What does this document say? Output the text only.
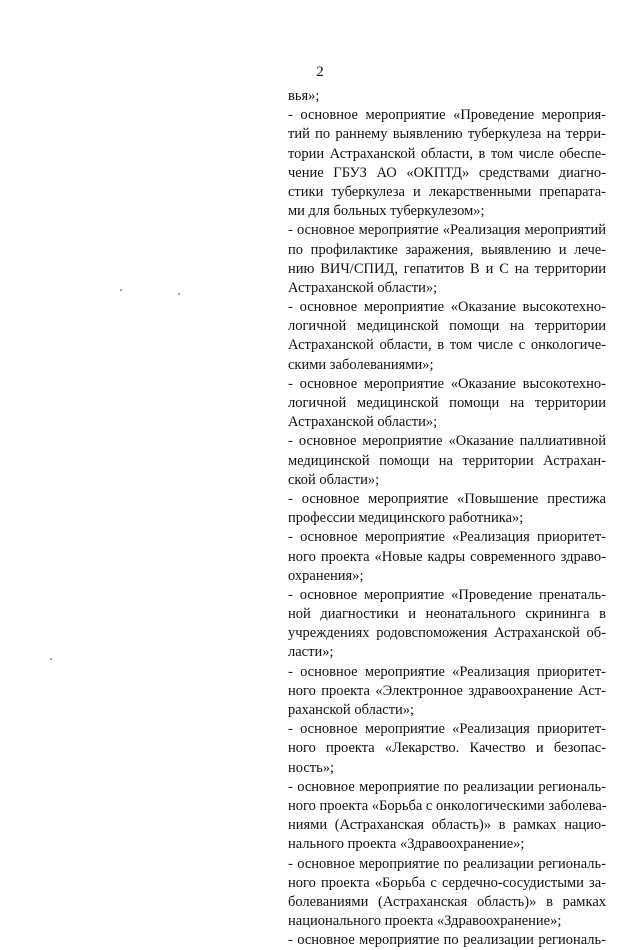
2
вья»;
- основное мероприятие «Проведение мероприя-
тий по раннему выявлению туберкулеза на терри-
тории Астраханской области, в том числе обеспе-
чение ГБУЗ АО «ОКПТД» средствами диагно-
стики туберкулеза и лекарственными препарата-
ми для больных туберкулезом»;
- основное мероприятие «Реализация мероприятий
по профилактике заражения, выявлению и лече-
нию ВИЧ/СПИД, гепатитов В и С на территории
Астраханской области»;
- основное мероприятие «Оказание высокотехно-
логичной медицинской помощи на территории
Астраханской области, в том числе с онкологиче-
скими заболеваниями»;
- основное мероприятие «Оказание высокотехно-
логичной медицинской помощи на территории
Астраханской области»;
- основное мероприятие «Оказание паллиативной
медицинской помощи на территории Астрахан-
ской области»;
- основное мероприятие «Повышение престижа
профессии медицинского работника»;
- основное мероприятие «Реализация приоритет-
ного проекта «Новые кадры современного здраво-
охранения»;
- основное мероприятие «Проведение пренаталь-
ной диагностики и неонатального скрининга в
учреждениях родовспоможения Астраханской об-
ласти»;
- основное мероприятие «Реализация приоритет-
ного проекта «Электронное здравоохранение Аст-
раханской области»;
- основное мероприятие «Реализация приоритет-
ного проекта «Лекарство. Качество и безопас-
ность»;
- основное мероприятие по реализации региональ-
ного проекта «Борьба с онкологическими заболева-
ниями (Астраханская область)» в рамках нацио-
нального проекта «Здравоохранение»;
- основное мероприятие по реализации региональ-
ного проекта «Борьба с сердечно-сосудистыми за-
болеваниями (Астраханская область)» в рамках
национального проекта «Здравоохранение»;
- основное мероприятие по реализации региональ-
